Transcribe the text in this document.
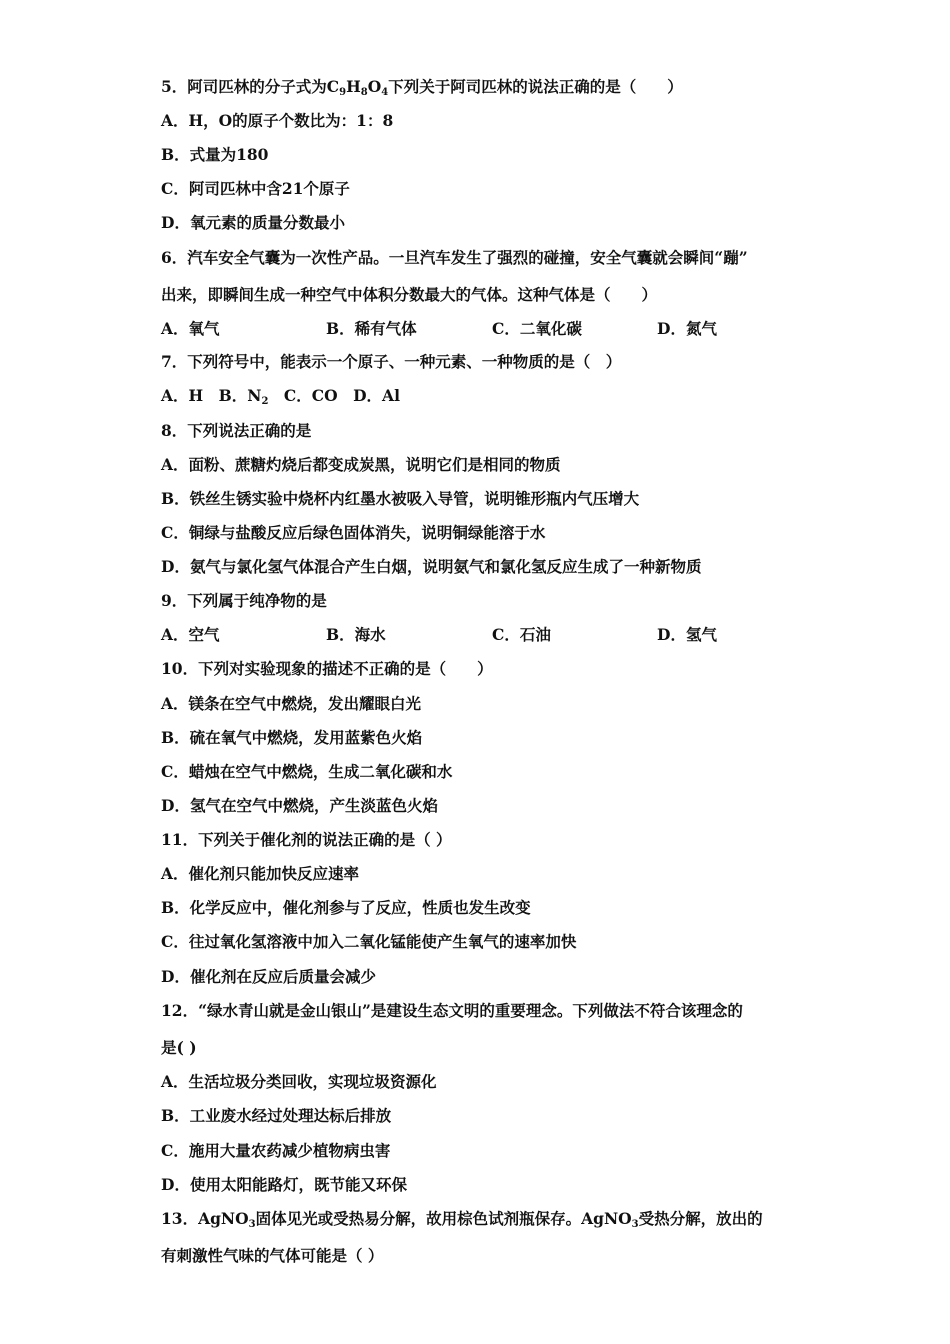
5．阿司匹林的分子式为$C_9H_8O_4$下列关于阿司匹林的说法正确的是（　　）
A．H，O的原子个数比为：1：8
B．式量为180
C．阿司匹林中含21个原子
D．氧元素的质量分数最小
6．汽车安全气囊为一次性产品。一旦汽车发生了强烈的碰撞，安全气囊就会瞬间“蹦”
出来，即瞬间生成一种空气中体积分数最大的气体。这种气体是（　　）
A．氧气	B．稀有气体	C．二氧化碳	D．氮气
7．下列符号中，能表示一个原子、一种元素、一种物质的是（　）
A．H　B．$N_2$　C．CO　D．Al
8．下列说法正确的是
A．面粉、蔗糖灼烧后都变成炭黑，说明它们是相同的物质
B．铁丝生锈实验中烧杯内红墨水被吸入导管，说明锥形瓶内气压增大
C．铜绿与盐酸反应后绿色固体消失，说明铜绿能溶于水
D．氨气与氯化氢气体混合产生白烟，说明氨气和氯化氢反应生成了一种新物质
9．下列属于纯净物的是
A．空气	B．海水	C．石油	D．氢气
10．下列对实验现象的描述不正确的是（　　）
A．镁条在空气中燃烧，发出耀眼白光
B．硫在氧气中燃烧，发用蓝紫色火焰
C．蜡烛在空气中燃烧，生成二氧化碳和水
D．氢气在空气中燃烧，产生淡蓝色火焰
11．下列关于催化剂的说法正确的是（ ）
A．催化剂只能加快反应速率
B．化学反应中，催化剂参与了反应，性质也发生改变
C．往过氧化氢溶液中加入二氧化锰能使产生氧气的速率加快
D．催化剂在反应后质量会减少
12．“绿水青山就是金山银山”是建设生态文明的重要理念。下列做法不符合该理念的
是( )
A．生活垃圾分类回收，实现垃圾资源化
B．工业废水经过处理达标后排放
C．施用大量农药减少植物病虫害
D．使用太阳能路灯，既节能又环保
13．AgNO$_3$固体见光或受热易分解，故用棕色试剂瓶保存。AgNO$_3$受热分解，放出的
有刺激性气味的气体可能是（ ）
